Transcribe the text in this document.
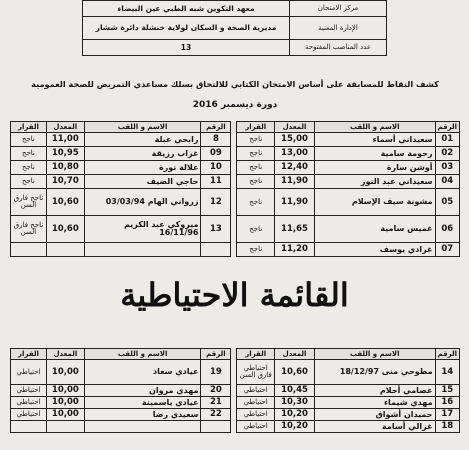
مركز الامتحان	معهد التكوين شبه الطبي عين البيضاء
الإدارة المعنية	مديرية الصحة و السكان لولاية خنشلة دائرة ششار
عدد المناصب المفتوحة	13
كشف النقاط للمسابقة على أساس الامتحان الكتابي للالتحاق بسلك مساعدي التمريض للصحة العمومية
دورة ديسمبر 2016
الرقم	الاسم و اللقب	المعدل	القرار		الرقم	الاسم و اللقب	المعدل	القرار
01	سعيداني أسماء	15,00	ناجح		8	رابحي عبلة	11,00	ناجح
02	رحومة سامية	13,00	ناجح		09	غراب رزيقة	10,95	ناجح
03	أوشن سارة	12,40	ناجح		10	علالة نورة	10,80	ناجح
04	سعيداني عبد النور	11,90	ناجح		11	حاجي الضيف	10,70	ناجح
05	مشونة سيف الإسلام	11,90	ناجح		12	زرواني الهام 03/03/94	10,60	ناجح فارق السن
06	غميس سامية	11,65	ناجح		13	ميروكي عبد الكريم 16/11/96	10,60	ناجح فارق السن
07	غرادي يوسف	11,20	ناجح					
القائمة الاحتياطية
الرقم	الاسم و اللقب	المعدل	القرار		الرقم	الاسم و اللقب	المعدل	القرار
14	مطوحي منى 18/12/97	10,60	احتياطي فارق السن		19	عيادي سعاد	10,00	احتياطي
15	عصامي أحلام	10,45	احتياطي		20	مهدي مروان	10,00	احتياطي
16	مهدي شيماء	10,30	احتياطي		21	عيادي ياسمينة	10,00	احتياطي
17	حميدان أشواق	10,20	احتياطي		22	سعيدي رضا	10,00	احتياطي
18	غزالي أسامة	10,20	احتياطي					
